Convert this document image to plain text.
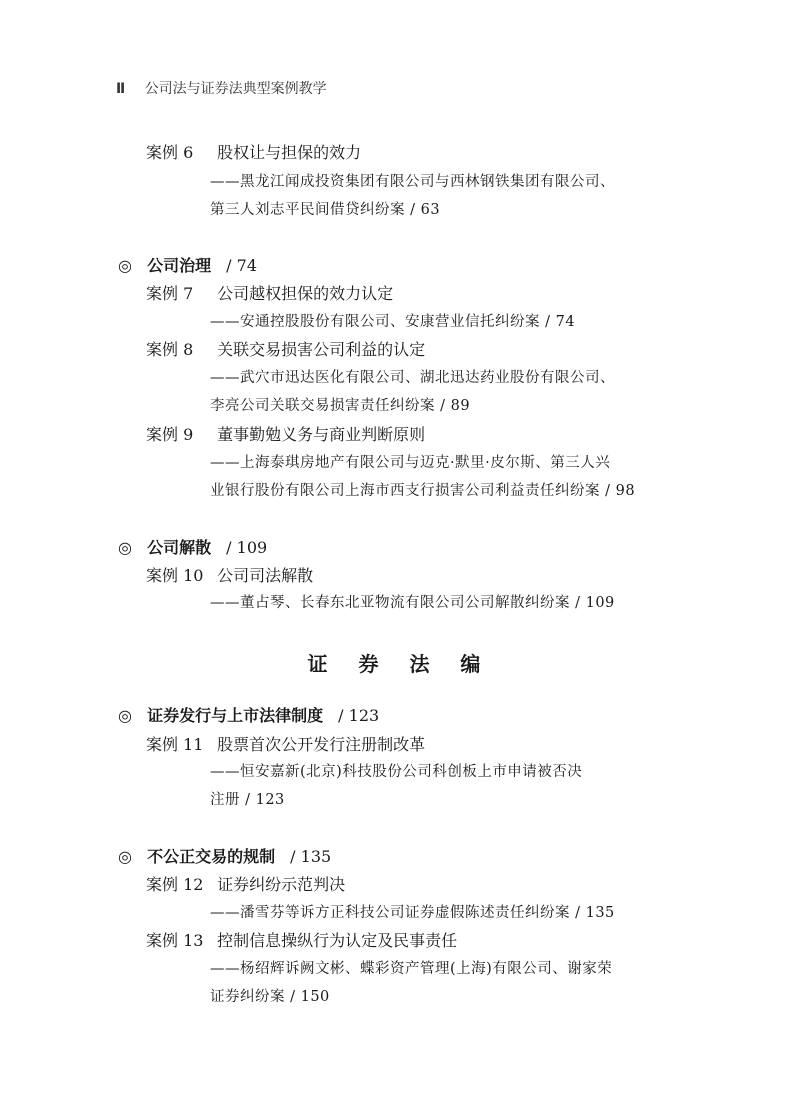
Ⅱ 公司法与证券法典型案例教学
案例 6 股权让与担保的效力
——黑龙江闻成投资集团有限公司与西林钢铁集团有限公司、
第三人刘志平民间借贷纠纷案 / 63
◎ 公司治理 / 74
案例 7 公司越权担保的效力认定
——安通控股股份有限公司、安康营业信托纠纷案 / 74
案例 8 关联交易损害公司利益的认定
——武穴市迅达医化有限公司、湖北迅达药业股份有限公司、
李亮公司关联交易损害责任纠纷案 / 89
案例 9 董事勤勉义务与商业判断原则
——上海泰琪房地产有限公司与迈克·默里·皮尔斯、第三人兴
业银行股份有限公司上海市西支行损害公司利益责任纠纷案 / 98
◎ 公司解散 / 109
案例 10 公司司法解散
——董占琴、长春东北亚物流有限公司公司解散纠纷案 / 109
证 券 法 编
◎ 证券发行与上市法律制度 / 123
案例 11 股票首次公开发行注册制改革
——恒安嘉新(北京)科技股份公司科创板上市申请被否决
注册 / 123
◎ 不公正交易的规制 / 135
案例 12 证券纠纷示范判决
——潘雪芬等诉方正科技公司证券虚假陈述责任纠纷案 / 135
案例 13 控制信息操纵行为认定及民事责任
——杨绍辉诉阙文彬、蝶彩资产管理(上海)有限公司、谢家荣
证券纠纷案 / 150
